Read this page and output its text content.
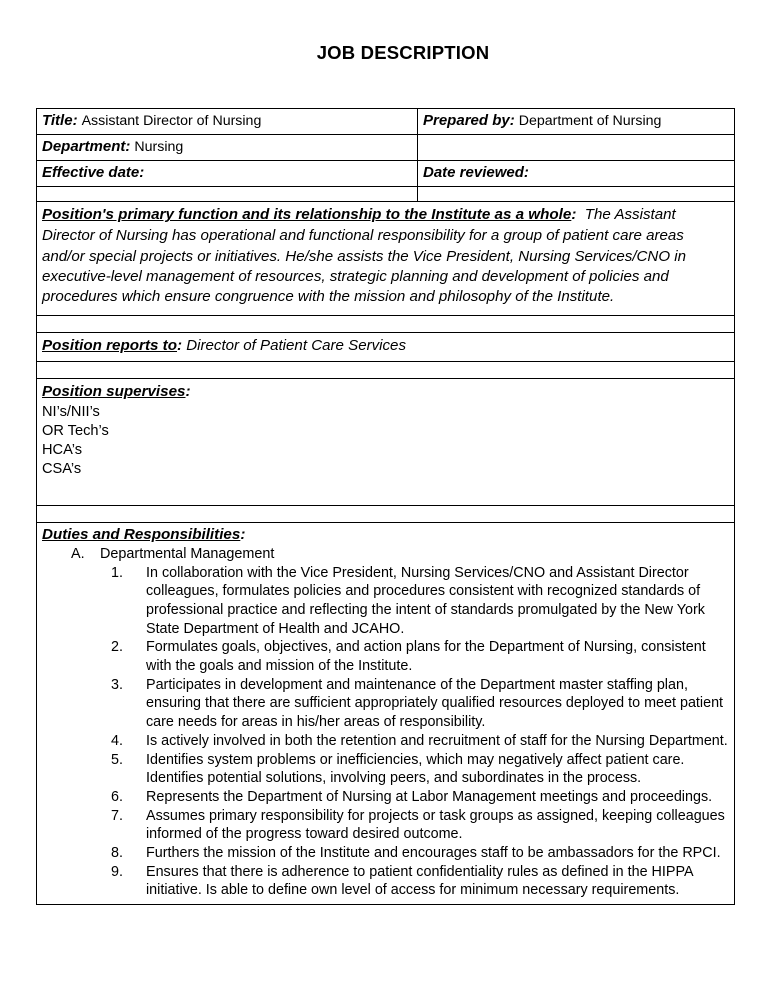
JOB DESCRIPTION
Title: Assistant Director of Nursing	Prepared by: Department of Nursing

Department: Nursing	

Effective date:	Date reviewed:

Position's primary function and its relationship to the Institute as a whole: The Assistant Director of Nursing has operational and functional responsibility for a group of patient care areas and/or special projects or initiatives. He/she assists the Vice President, Nursing Services/CNO in executive-level management of resources, strategic planning and development of policies and procedures which ensure congruence with the mission and philosophy of the Institute.	

Position reports to: Director of Patient Care Services	

Position supervises:
NI’s/NII’s
OR Tech’s
HCA’s
CSA’s

Duties and Responsibilities:
A. Departmental Management
1.	In collaboration with the Vice President, Nursing Services/CNO and Assistant Director colleagues, formulates policies and procedures consistent with recognized standards of professional practice and reflecting the intent of standards promulgated by the New York State Department of Health and JCAHO.
2.	Formulates goals, objectives, and action plans for the Department of Nursing, consistent with the goals and mission of the Institute.
3.	Participates in development and maintenance of the Department master staffing plan, ensuring that there are sufficient appropriately qualified resources deployed to meet patient care needs for areas in his/her areas of responsibility.
4.	Is actively involved in both the retention and recruitment of staff for the Nursing Department.
5.	Identifies system problems or inefficiencies, which may negatively affect patient care. Identifies potential solutions, involving peers, and subordinates in the process.
6.	Represents the Department of Nursing at Labor Management meetings and proceedings.
7.	Assumes primary responsibility for projects or task groups as assigned, keeping colleagues informed of the progress toward desired outcome.
8.	Furthers the mission of the Institute and encourages staff to be ambassadors for the RPCI.
9.	Ensures that there is adherence to patient confidentiality rules as defined in the HIPPA initiative. Is able to define own level of access for minimum necessary requirements.
